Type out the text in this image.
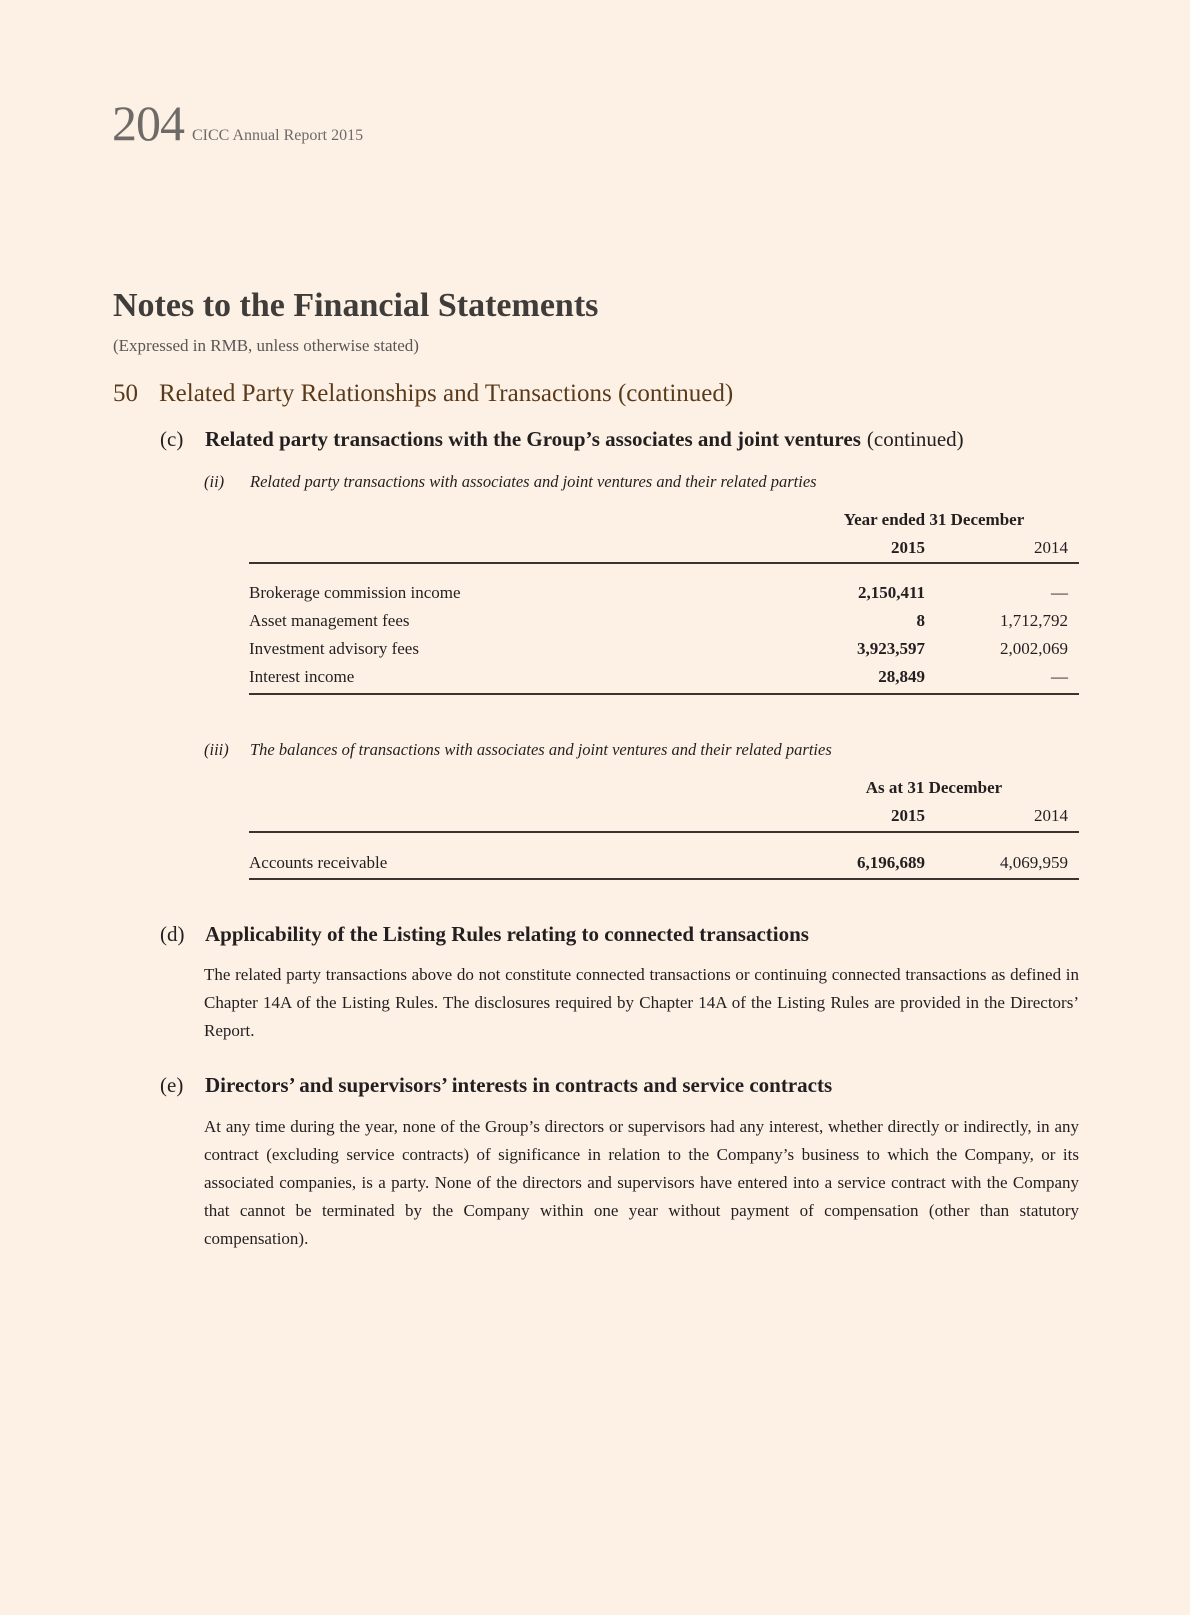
204 CICC Annual Report 2015
Notes to the Financial Statements
(Expressed in RMB, unless otherwise stated)
50 Related Party Relationships and Transactions (continued)
(c)	Related party transactions with the Group’s associates and joint ventures (continued)
(ii)	Related party transactions with associates and joint ventures and their related parties
Year ended 31 December
2015	2014
Brokerage commission income	2,150,411	—
Asset management fees	8	1,712,792
Investment advisory fees	3,923,597	2,002,069
Interest income	28,849	—
(iii)	The balances of transactions with associates and joint ventures and their related parties
As at 31 December
2015	2014
Accounts receivable	6,196,689	4,069,959
(d) Applicability of the Listing Rules relating to connected transactions
The related party transactions above do not constitute connected transactions or continuing connected transactions as defined in Chapter 14A of the Listing Rules. The disclosures required by Chapter 14A of the Listing Rules are provided in the Directors’ Report.
(e)	Directors’ and supervisors’ interests in contracts and service contracts
At any time during the year, none of the Group’s directors or supervisors had any interest, whether directly or indirectly, in any contract (excluding service contracts) of significance in relation to the Company’s business to which the Company, or its associated companies, is a party. None of the directors and supervisors have entered into a service contract with the Company that cannot be terminated by the Company within one year without payment of compensation (other than statutory compensation).
